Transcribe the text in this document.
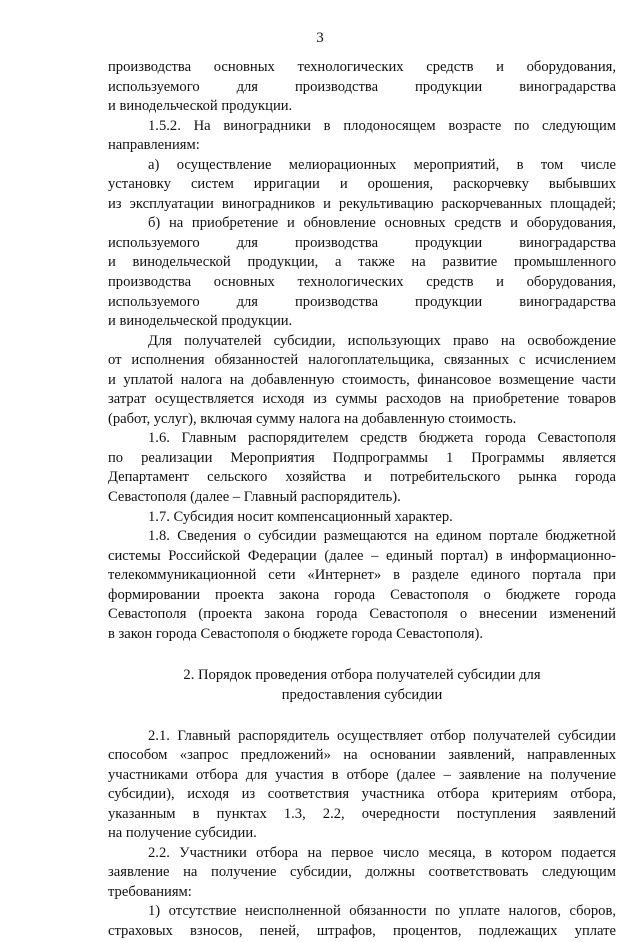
3
производства основных технологических средств и оборудования,
используемого для производства продукции виноградарства
и винодельческой продукции.
1.5.2. На виноградники в плодоносящем возрасте по следующим
направлениям:
а) осуществление мелиорационных мероприятий, в том числе
установку систем ирригации и орошения, раскорчевку выбывших
из эксплуатации виноградников и рекультивацию раскорчеванных площадей;
б) на приобретение и обновление основных средств и оборудования,
используемого для производства продукции виноградарства
и винодельческой продукции, а также на развитие промышленного
производства основных технологических средств и оборудования,
используемого для производства продукции виноградарства
и винодельческой продукции.
Для получателей субсидии, использующих право на освобождение
от исполнения обязанностей налогоплательщика, связанных с исчислением
и уплатой налога на добавленную стоимость, финансовое возмещение части
затрат осуществляется исходя из суммы расходов на приобретение товаров
(работ, услуг), включая сумму налога на добавленную стоимость.
1.6. Главным распорядителем средств бюджета города Севастополя
по реализации Мероприятия Подпрограммы 1 Программы является
Департамент сельского хозяйства и потребительского рынка города
Севастополя (далее – Главный распорядитель).
1.7. Субсидия носит компенсационный характер.
1.8. Сведения о субсидии размещаются на едином портале бюджетной
системы Российской Федерации (далее – единый портал) в информационно-
телекоммуникационной сети «Интернет» в разделе единого портала при
формировании проекта закона города Севастополя о бюджете города
Севастополя (проекта закона города Севастополя о внесении изменений
в закон города Севастополя о бюджете города Севастополя).
2. Порядок проведения отбора получателей субсидии для
предоставления субсидии
2.1. Главный распорядитель осуществляет отбор получателей субсидии
способом «запрос предложений» на основании заявлений, направленных
участниками отбора для участия в отборе (далее – заявление на получение
субсидии), исходя из соответствия участника отбора критериям отбора,
указанным в пунктах 1.3, 2.2, очередности поступления заявлений
на получение субсидии.
2.2. Участники отбора на первое число месяца, в котором подается
заявление на получение субсидии, должны соответствовать следующим
требованиям:
1) отсутствие неисполненной обязанности по уплате налогов, сборов,
страховых взносов, пеней, штрафов, процентов, подлежащих уплате
